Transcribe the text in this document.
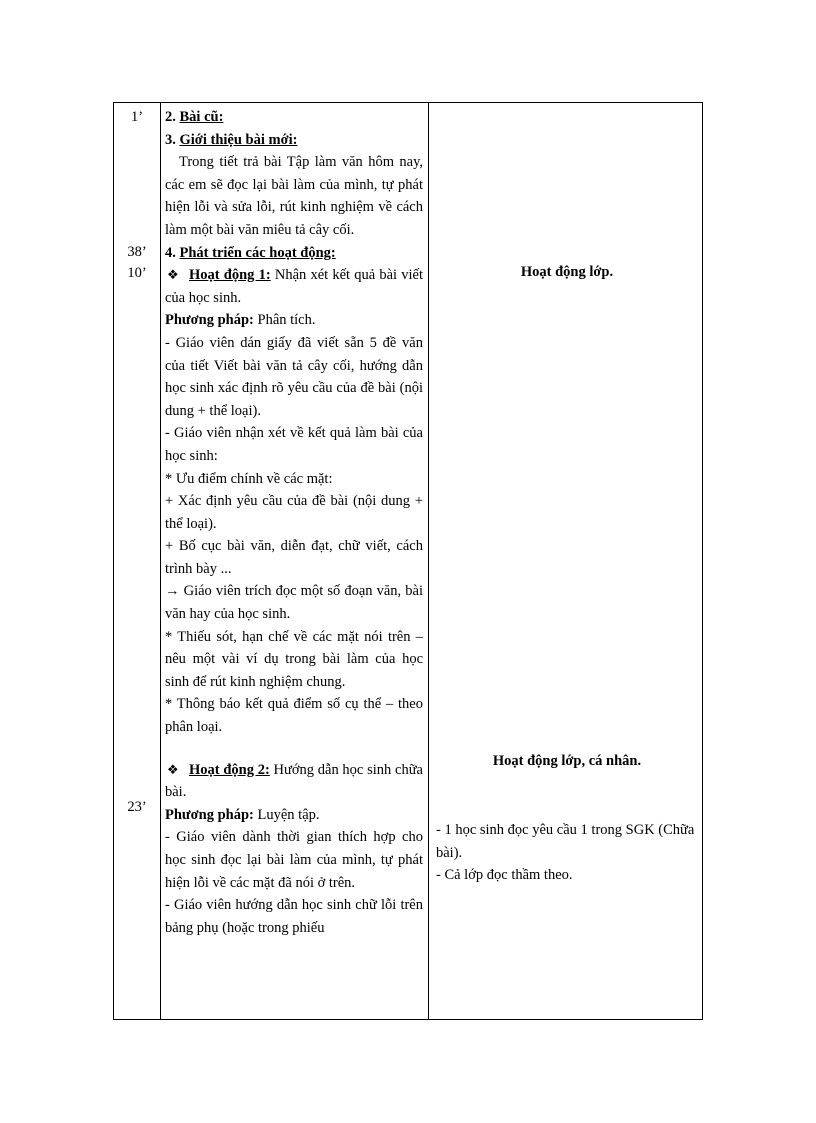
1’
38’
10’
23’

2. Bài cũ:

3. Giới thiệu bài mới:

Trong tiết trả bài Tập làm văn hôm nay, các em sẽ đọc lại bài làm của mình, tự phát hiện lỗi và sửa lỗi, rút kinh nghiệm về cách làm một bài văn miêu tả cây cối.

4. Phát triển các hoạt động:

❖ Hoạt động 1: Nhận xét kết quả bài viết của học sinh.

Phương pháp: Phân tích.

- Giáo viên dán giấy đã viết sẵn 5 đề văn của tiết Viết bài văn tả cây cối, hướng dẫn học sinh xác định rõ yêu cầu của đề bài (nội dung + thể loại).

- Giáo viên nhận xét về kết quả làm bài của học sinh:

* Ưu điểm chính về các mặt:

+ Xác định yêu cầu của đề bài (nội dung + thể loại).

+ Bố cục bài văn, diễn đạt, chữ viết, cách trình bày ...

→ Giáo viên trích đọc một số đoạn văn, bài văn hay của học sinh.

* Thiếu sót, hạn chế về các mặt nói trên – nêu một vài ví dụ trong bài làm của học sinh để rút kinh nghiệm chung.

* Thông báo kết quả điểm số cụ thể – theo phân loại.

❖ Hoạt động 2: Hướng dẫn học sinh chữa bài.

Phương pháp: Luyện tập.

- Giáo viên dành thời gian thích hợp cho học sinh đọc lại bài làm của mình, tự phát hiện lỗi về các mặt đã nói ở trên.

- Giáo viên hướng dẫn học sinh chữ lỗi trên bảng phụ (hoặc trong phiếu

Hoạt động lớp.
Hoạt động lớp, cá nhân.

- 1 học sinh đọc yêu cầu 1 trong SGK (Chữa bài).

- Cả lớp đọc thầm theo.
